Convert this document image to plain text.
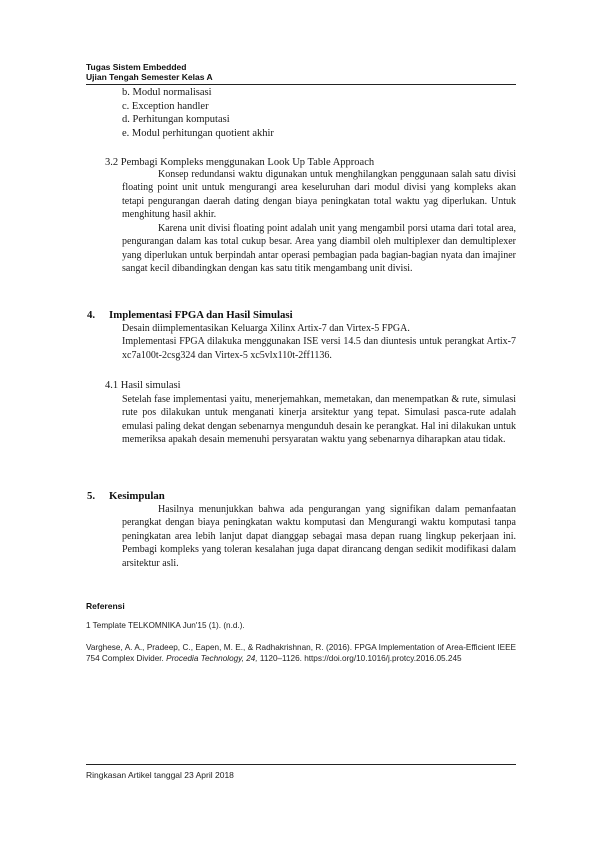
Tugas Sistem Embedded
Ujian Tengah Semester Kelas A
b. Modul normalisasi
c. Exception handler
d. Perhitungan komputasi
e. Modul perhitungan quotient akhir
3.2 Pembagi Kompleks menggunakan Look Up Table Approach

Konsep redundansi waktu digunakan untuk menghilangkan penggunaan salah satu divisi floating point unit untuk mengurangi area keseluruhan dari modul divisi yang kompleks akan tetapi pengurangan daerah dating dengan biaya peningkatan total waktu yag diperlukan. Untuk menghitung hasil akhir.

Karena unit divisi floating point adalah unit yang mengambil porsi utama dari total area, pengurangan dalam kas total cukup besar. Area yang diambil oleh multiplexer dan demultiplexer yang diperlukan untuk berpindah antar operasi pembagian pada bagian-bagian nyata dan imajiner sangat kecil dibandingkan dengan kas satu titik mengambang unit divisi.

4. Implementasi FPGA dan Hasil Simulasi
Desain diimplementasikan Keluarga Xilinx Artix-7 dan Virtex-5 FPGA.
Implementasi FPGA dilakuka menggunakan ISE versi 14.5 dan diuntesis untuk perangkat Artix-7 xc7a100t-2csg324 dan Virtex-5 xc5vlx110t-2ff1136.
4.1 Hasil simulasi

Setelah fase implementasi yaitu, menerjemahkan, memetakan, dan menempatkan & rute, simulasi rute pos dilakukan untuk menganati kinerja arsitektur yang tepat. Simulasi pasca-rute adalah emulasi paling dekat dengan sebenarnya mengunduh desain ke perangkat. Hal ini dilakukan untuk memeriksa apakah desain memenuhi persyaratan waktu yang sebenarnya diharapkan atau tidak.

5. Kesimpulan

Hasilnya menunjukkan bahwa ada pengurangan yang signifikan dalam pemanfaatan perangkat dengan biaya peningkatan waktu komputasi dan Mengurangi waktu komputasi tanpa peningkatan area lebih lanjut dapat dianggap sebagai masa depan ruang lingkup pekerjaan ini. Pembagi kompleks yang toleran kesalahan juga dapat dirancang dengan sedikit modifikasi dalam arsitektur asli.

Referensi
1 Template TELKOMNIKA Jun'15 (1). (n.d.).
Varghese, A. A., Pradeep, C., Eapen, M. E., & Radhakrishnan, R. (2016). FPGA Implementation of Area-Efficient IEEE 754 Complex Divider. Procedia Technology, 24, 1120–1126. https://doi.org/10.1016/j.protcy.2016.05.245
Ringkasan Artikel tanggal 23 April 2018
